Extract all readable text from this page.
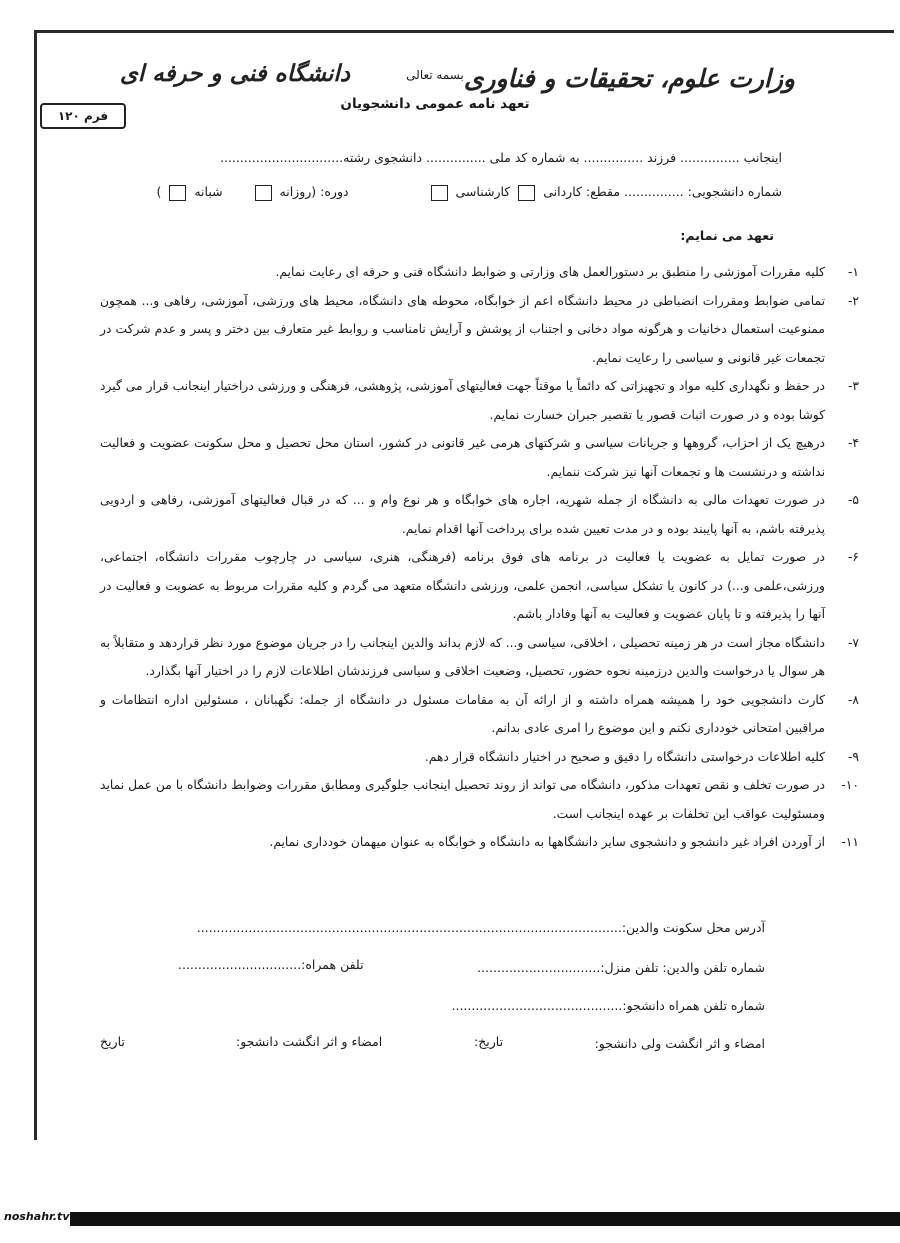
وزارت علوم، تحقیقات و فناوری
دانشگاه فنی و حرفه ای	بسمه تعالی
تعهد نامه عمومی دانشجویان
فرم ۱۲۰
اینجانب ............... فرزند ............... به شماره کد ملی ............... دانشجوی رشته...............................
شماره دانشجویی: ............... مقطع: کاردانی  کارشناسی   دوره: (روزانه   شبانه  )
تعهد می نمایم:
۱-
کلیه مقررات آموزشی را منطبق بر دستورالعمل های وزارتی و ضوابط دانشگاه فنی و حرفه ای رعایت نمایم.
۲-
تمامی ضوابط ومقررات انضباطی در محیط دانشگاه اعم از خوابگاه، محوطه های دانشگاه، محیط های ورزشی، آموزشی، رفاهی و... همچون ممنوعیت استعمال دخانیات و هرگونه مواد دخانی و اجتناب از پوشش و آرایش نامناسب و روابط غیر متعارف بین دختر و پسر و عدم شرکت در تجمعات غیر قانونی و سیاسی را رعایت نمایم.
۳-
در حفظ و نگهداری کلیه مواد و تجهیزاتی که دائماً یا موقتاً جهت فعالیتهای آموزشی، پژوهشی، فرهنگی و ورزشی دراختیار اینجانب قرار می گیرد کوشا بوده و در صورت اثبات قصور یا تقصیر جبران خسارت نمایم.
۴-
درهیچ یک از احزاب، گروهها و جریانات سیاسی و شرکتهای هرمی غیر قانونی در کشور، استان محل تحصیل و محل سکونت عضویت و فعالیت نداشته و درنشست ها و تجمعات آنها نیز شرکت ننمایم.
۵-
در صورت تعهدات مالی به دانشگاه از جمله شهریه، اجاره های خوابگاه و هر نوع وام و ... که در قبال فعالیتهای آموزشی، رفاهی و اردویی پذیرفته باشم، به آنها پایبند بوده و در مدت تعیین شده برای پرداخت آنها اقدام نمایم.
۶-
در صورت تمایل به عضویت یا فعالیت در برنامه های فوق برنامه (فرهنگی، هنری، سیاسی در چارچوب مقررات دانشگاه، اجتماعی، ورزشی،علمی و...) در کانون یا تشکل سیاسی، انجمن علمی، ورزشی دانشگاه متعهد می گردم و کلیه مقررات مربوط به عضویت و فعالیت در آنها را پذیرفته و تا پایان عضویت و فعالیت به آنها وفادار باشم.
۷-
دانشگاه مجاز است در هر زمینه تحصیلی ، اخلاقی، سیاسی و... که لازم بداند والدین اینجانب را در جریان موضوع مورد نظر قراردهد و متقابلاً به هر سوال یا درخواست والدین درزمینه نحوه حضور، تحصیل، وضعیت اخلاقی و سیاسی فرزندشان اطلاعات لازم را در اختیار آنها بگذارد.
۸-
کارت دانشجویی خود را همیشه همراه داشته و از ارائه آن به مقامات مسئول در دانشگاه از جمله: نگهبانان ، مسئولین اداره انتظامات و مراقبین امتحانی خودداری نکنم و این موضوع را امری عادی بدانم.
۹-
کلیه اطلاعات درخواستی دانشگاه را دقیق و صحیح در اختیار دانشگاه قرار دهم.
۱۰-
در صورت تخلف و نقص تعهدات مذکور، دانشگاه می تواند از روند تحصیل اینجانب جلوگیری ومطابق مقررات وضوابط دانشگاه با من عمل نماید ومسئولیت عواقب این تخلفات بر عهده اینجانب است.
۱۱-
از آوردن افراد غیر دانشجو و دانشجوی سایر دانشگاهها به دانشگاه و خوابگاه به عنوان میهمان خودداری نمایم.
آدرس محل سکونت والدین:...........................................................................................................
شماره تلفن والدین: تلفن منزل:...............................
تلفن همراه:...............................
شماره تلفن همراه دانشجو:...........................................
امضاء و اثر انگشت ولی دانشجو:
تاریخ:
امضاء و اثر انگشت دانشجو:
تاریخ
noshahr.tvu.ac.ir
